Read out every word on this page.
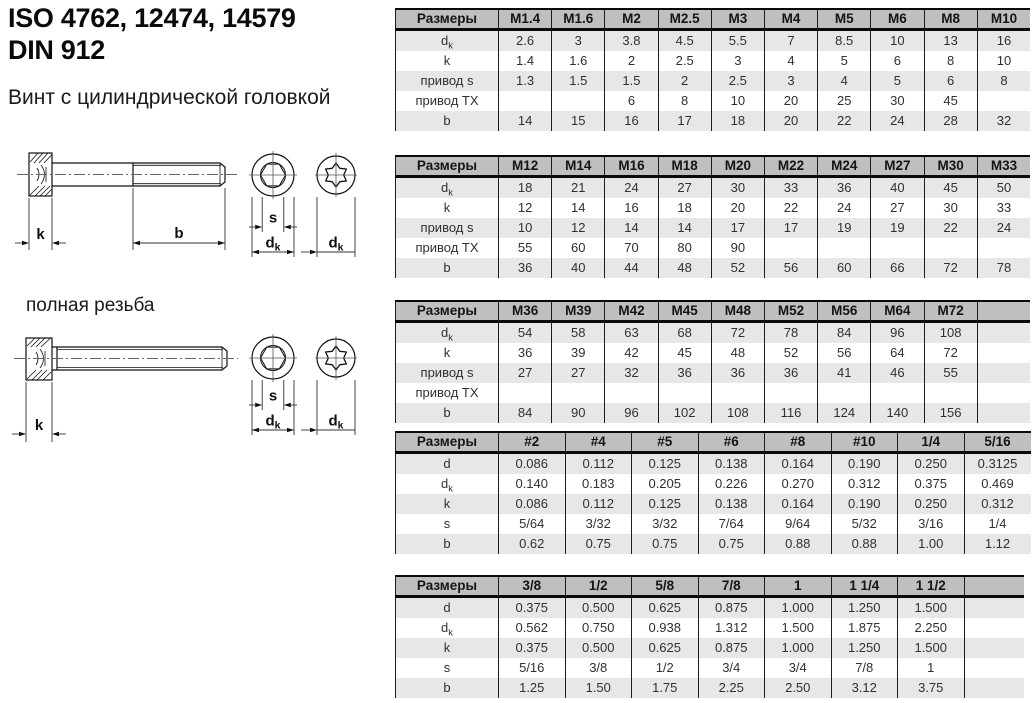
ISO 4762, 12474, 14579
DIN 912
Винт с цилиндрической головкой
k	b
s
$d_k$	$d_k$
полная резьба
k
s
$d_k$	$d_k$
Размеры	M1.4	M1.6	M2	M2.5	M3	M4	M5	M6	M8	M10
$d_k$	2.6	3	3.8	4.5	5.5	7	8.5	10	13	16
k	1.4	1.6	2	2.5	3	4	5	6	8	10
привод s	1.3	1.5	1.5	2	2.5	3	4	5	6	8
привод TX			6	8	10	20	25	30	45	
b	14	15	16	17	18	20	22	24	28	32
Размеры	M12	M14	M16	M18	M20	M22	M24	M27	M30	M33
$d_k$	18	21	24	27	30	33	36	40	45	50
k	12	14	16	18	20	22	24	27	30	33
привод s	10	12	14	14	17	17	19	19	22	24
привод TX	55	60	70	80	90					
b	36	40	44	48	52	56	60	66	72	78
Размеры	M36	M39	M42	M45	M48	M52	M56	M64	M72	
$d_k$	54	58	63	68	72	78	84	96	108	
k	36	39	42	45	48	52	56	64	72	
привод s	27	27	32	36	36	36	41	46	55	
привод TX										
b	84	90	96	102	108	116	124	140	156	
Размеры	#2	#4	#5	#6	#8	#10	1/4	5/16
d	0.086	0.112	0.125	0.138	0.164	0.190	0.250	0.3125
$d_k$	0.140	0.183	0.205	0.226	0.270	0.312	0.375	0.469
k	0.086	0.112	0.125	0.138	0.164	0.190	0.250	0.312
s	5/64	3/32	3/32	7/64	9/64	5/32	3/16	1/4
b	0.62	0.75	0.75	0.75	0.88	0.88	1.00	1.12
Размеры	3/8	1/2	5/8	7/8	1	1 1/4	1 1/2	
d	0.375	0.500	0.625	0.875	1.000	1.250	1.500	
$d_k$	0.562	0.750	0.938	1.312	1.500	1.875	2.250	
k	0.375	0.500	0.625	0.875	1.000	1.250	1.500	
s	5/16	3/8	1/2	3/4	3/4	7/8	1	
b	1.25	1.50	1.75	2.25	2.50	3.12	3.75	
